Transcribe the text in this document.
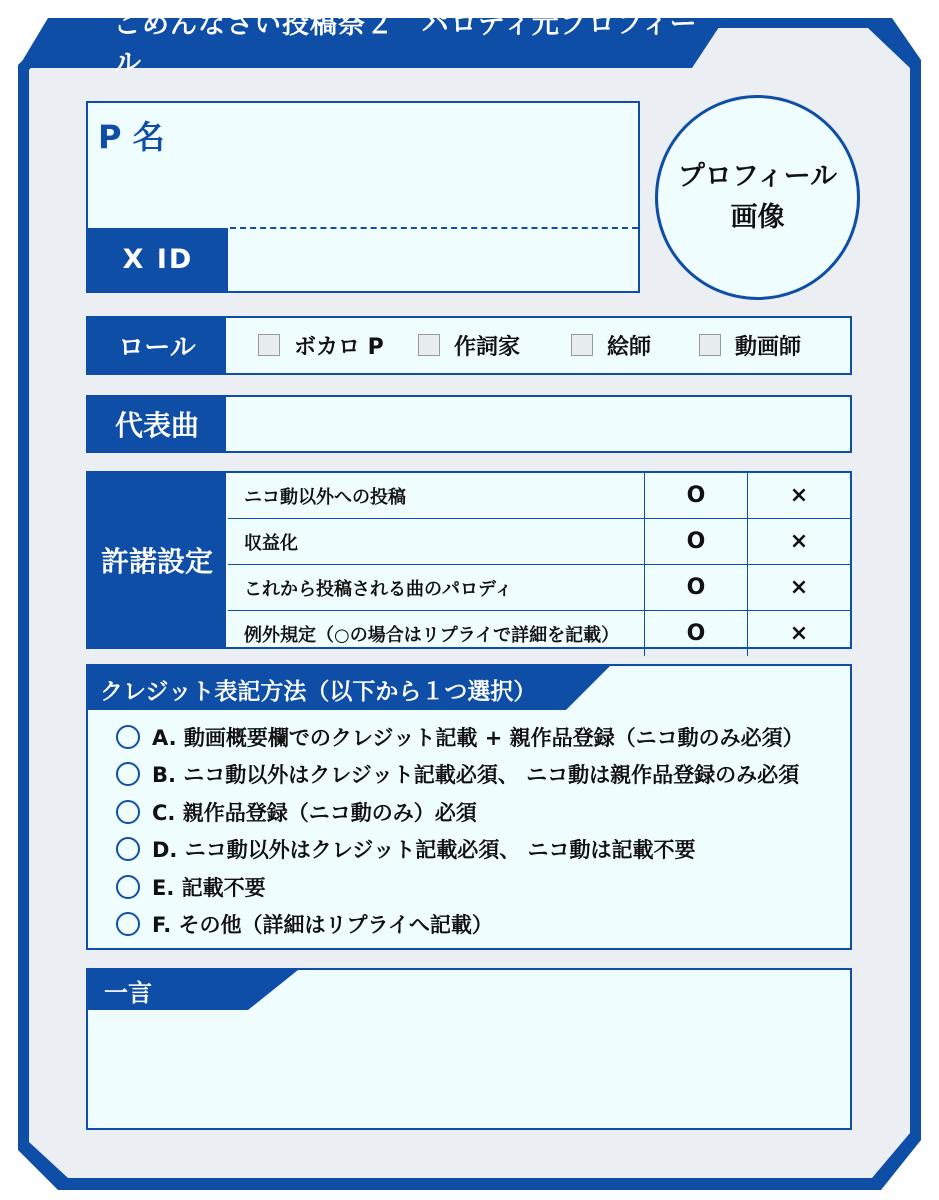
ごめんなさい投稿祭２　パロディ元プロフィール
P 名
X ID
プロフィール
画像
ロール	ボカロ P	作詞家	絵師	動画師
代表曲
許諾設定
ニコ動以外への投稿	O	×
収益化	O	×
これから投稿される曲のパロディ	O	×
例外規定（○の場合はリプライで詳細を記載）	O	×
クレジット表記方法（以下から１つ選択）
A. 動画概要欄でのクレジット記載 + 親作品登録（ニコ動のみ必須）
B. ニコ動以外はクレジット記載必須、 ニコ動は親作品登録のみ必須
C. 親作品登録（ニコ動のみ）必須
D. ニコ動以外はクレジット記載必須、 ニコ動は記載不要
E. 記載不要
F. その他（詳細はリプライへ記載）
一言
